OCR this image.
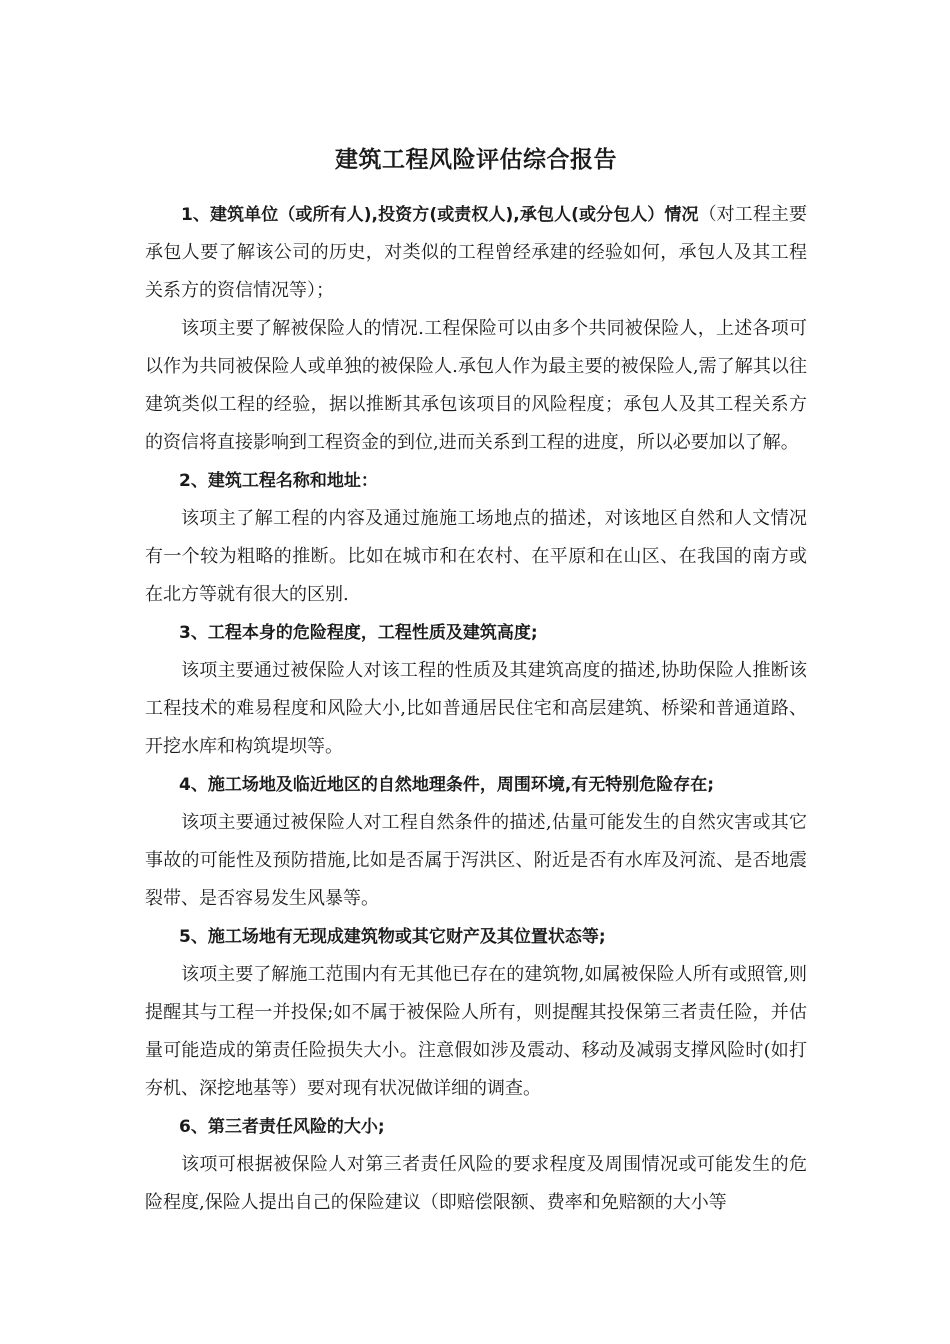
建筑工程风险评估综合报告

1、建筑单位（或所有人),投资方(或责权人),承包人(或分包人）情况（对工程主要承包人要了解该公司的历史，对类似的工程曾经承建的经验如何，承包人及其工程关系方的资信情况等）；

该项主要了解被保险人的情况.工程保险可以由多个共同被保险人，上述各项可以作为共同被保险人或单独的被保险人.承包人作为最主要的被保险人,需了解其以往建筑类似工程的经验，据以推断其承包该项目的风险程度；承包人及其工程关系方的资信将直接影响到工程资金的到位,进而关系到工程的进度，所以必要加以了解。

2、建筑工程名称和地址：

该项主了解工程的内容及通过施施工场地点的描述，对该地区自然和人文情况有一个较为粗略的推断。比如在城市和在农村、在平原和在山区、在我国的南方或在北方等就有很大的区别.

3、工程本身的危险程度，工程性质及建筑高度;

该项主要通过被保险人对该工程的性质及其建筑高度的描述,协助保险人推断该工程技术的难易程度和风险大小,比如普通居民住宅和高层建筑、桥梁和普通道路、开挖水库和构筑堤坝等。

4、施工场地及临近地区的自然地理条件，周围环境,有无特别危险存在;

该项主要通过被保险人对工程自然条件的描述,估量可能发生的自然灾害或其它事故的可能性及预防措施,比如是否属于泻洪区、附近是否有水库及河流、是否地震裂带、是否容易发生风暴等。

5、施工场地有无现成建筑物或其它财产及其位置状态等;

该项主要了解施工范围内有无其他已存在的建筑物,如属被保险人所有或照管,则提醒其与工程一并投保;如不属于被保险人所有，则提醒其投保第三者责任险，并估量可能造成的第责任险损失大小。注意假如涉及震动、移动及减弱支撑风险时(如打夯机、深挖地基等）要对现有状况做详细的调查。

6、第三者责任风险的大小;

该项可根据被保险人对第三者责任风险的要求程度及周围情况或可能发生的危险程度,保险人提出自己的保险建议（即赔偿限额、费率和免赔额的大小等
